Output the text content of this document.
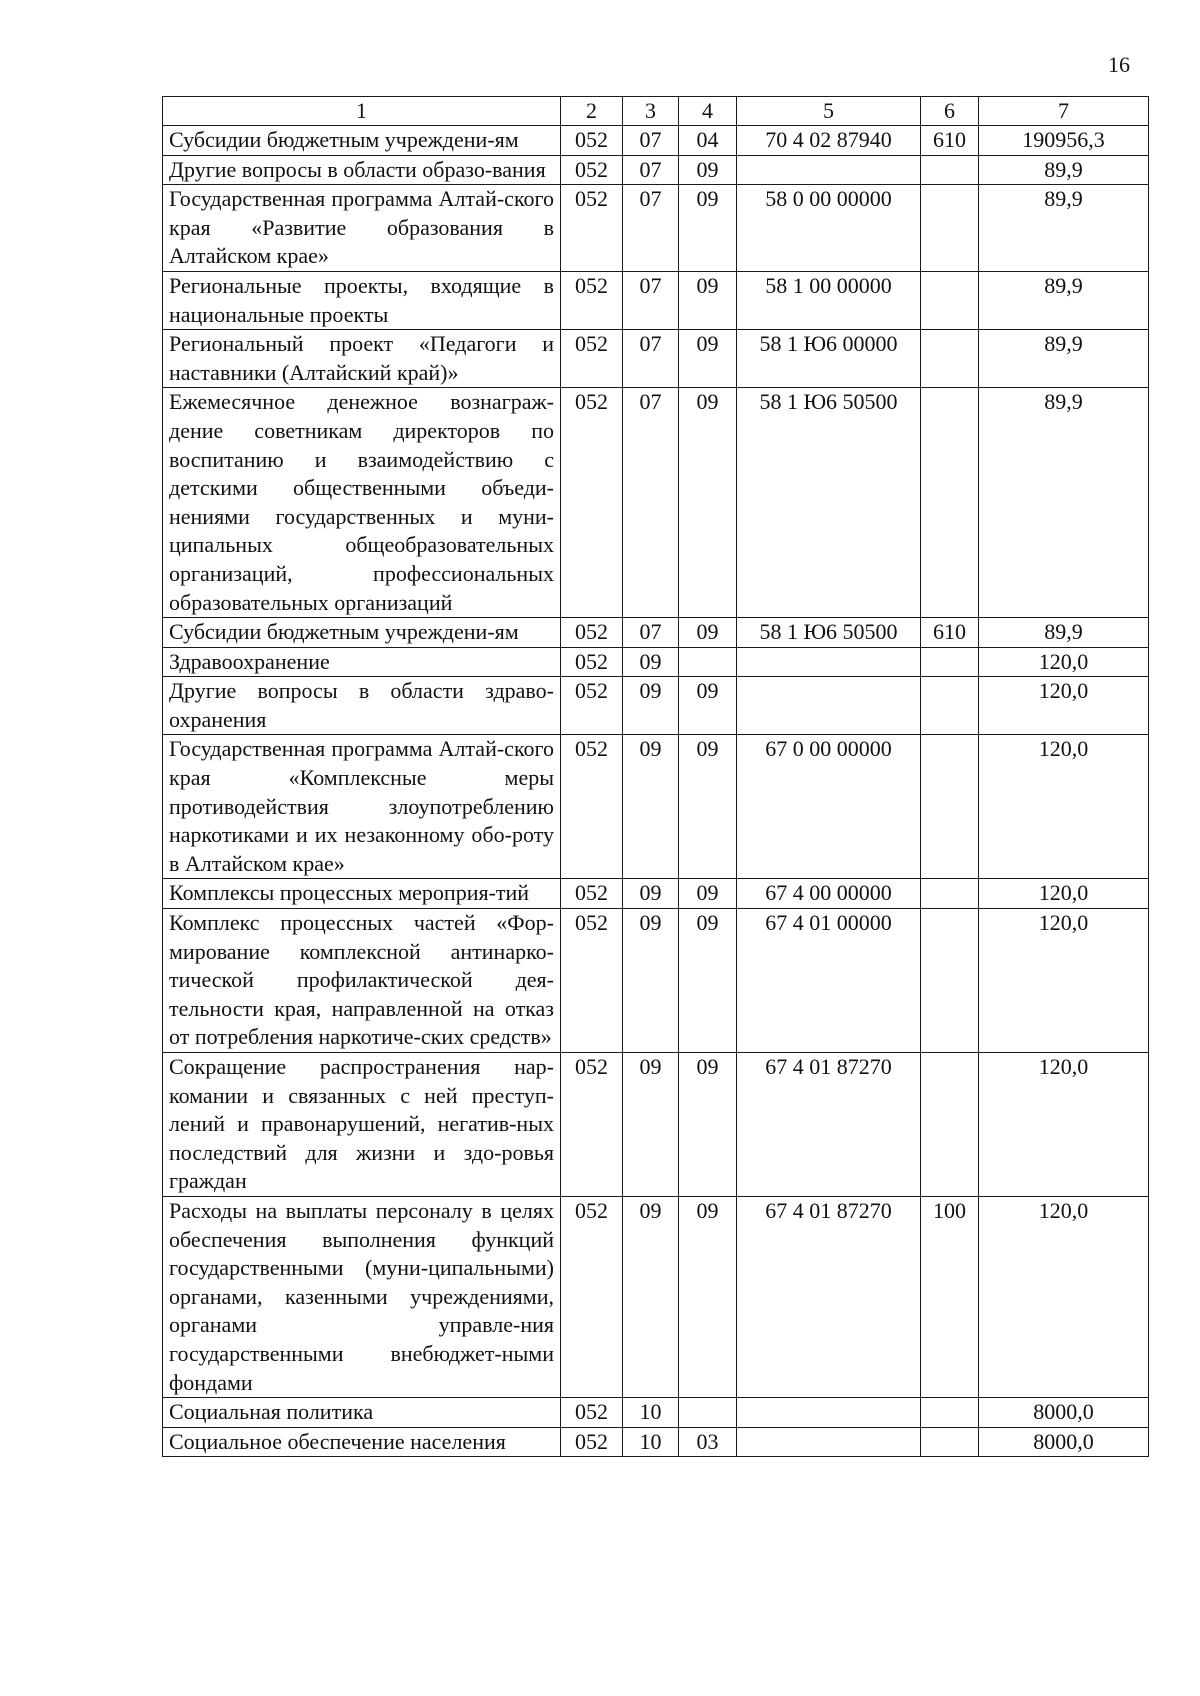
16
1	2	3	4	5	6	7
Субсидии бюджетным учреждени-ям	052	07	04	70 4 02 87940	610	190956,3
Другие вопросы в области образо-вания	052	07	09			89,9
Государственная программа Алтай-ского края «Развитие образования в Алтайском крае»	052	07	09	58 0 00 00000		89,9
Региональные проекты, входящие в национальные проекты	052	07	09	58 1 00 00000		89,9
Региональный проект «Педагоги и наставники (Алтайский край)»	052	07	09	58 1 Ю6 00000		89,9
Ежемесячное денежное вознаграж-дение советникам директоров по воспитанию и взаимодействию с детскими общественными объеди-нениями государственных и муни-ципальных общеобразовательных организаций, профессиональных образовательных организаций	052	07	09	58 1 Ю6 50500		89,9
Субсидии бюджетным учреждени-ям	052	07	09	58 1 Ю6 50500	610	89,9
Здравоохранение	052	09				120,0
Другие вопросы в области здраво-охранения	052	09	09			120,0
Государственная программа Алтай-ского края «Комплексные меры противодействия злоупотреблению наркотиками и их незаконному обо-роту в Алтайском крае»	052	09	09	67 0 00 00000		120,0
Комплексы процессных мероприя-тий	052	09	09	67 4 00 00000		120,0
Комплекс процессных частей «Фор-мирование комплексной антинарко-тической профилактической дея-тельности края, направленной на отказ от потребления наркотиче-ских средств»	052	09	09	67 4 01 00000		120,0
Сокращение распространения нар-комании и связанных с ней преступ-лений и правонарушений, негатив-ных последствий для жизни и здо-ровья граждан	052	09	09	67 4 01 87270		120,0
Расходы на выплаты персоналу в целях обеспечения выполнения функций государственными (муни-ципальными) органами, казенными учреждениями, органами управле-ния государственными внебюджет-ными фондами	052	09	09	67 4 01 87270	100	120,0
Социальная политика	052	10				8000,0
Социальное обеспечение населения	052	10	03			8000,0
